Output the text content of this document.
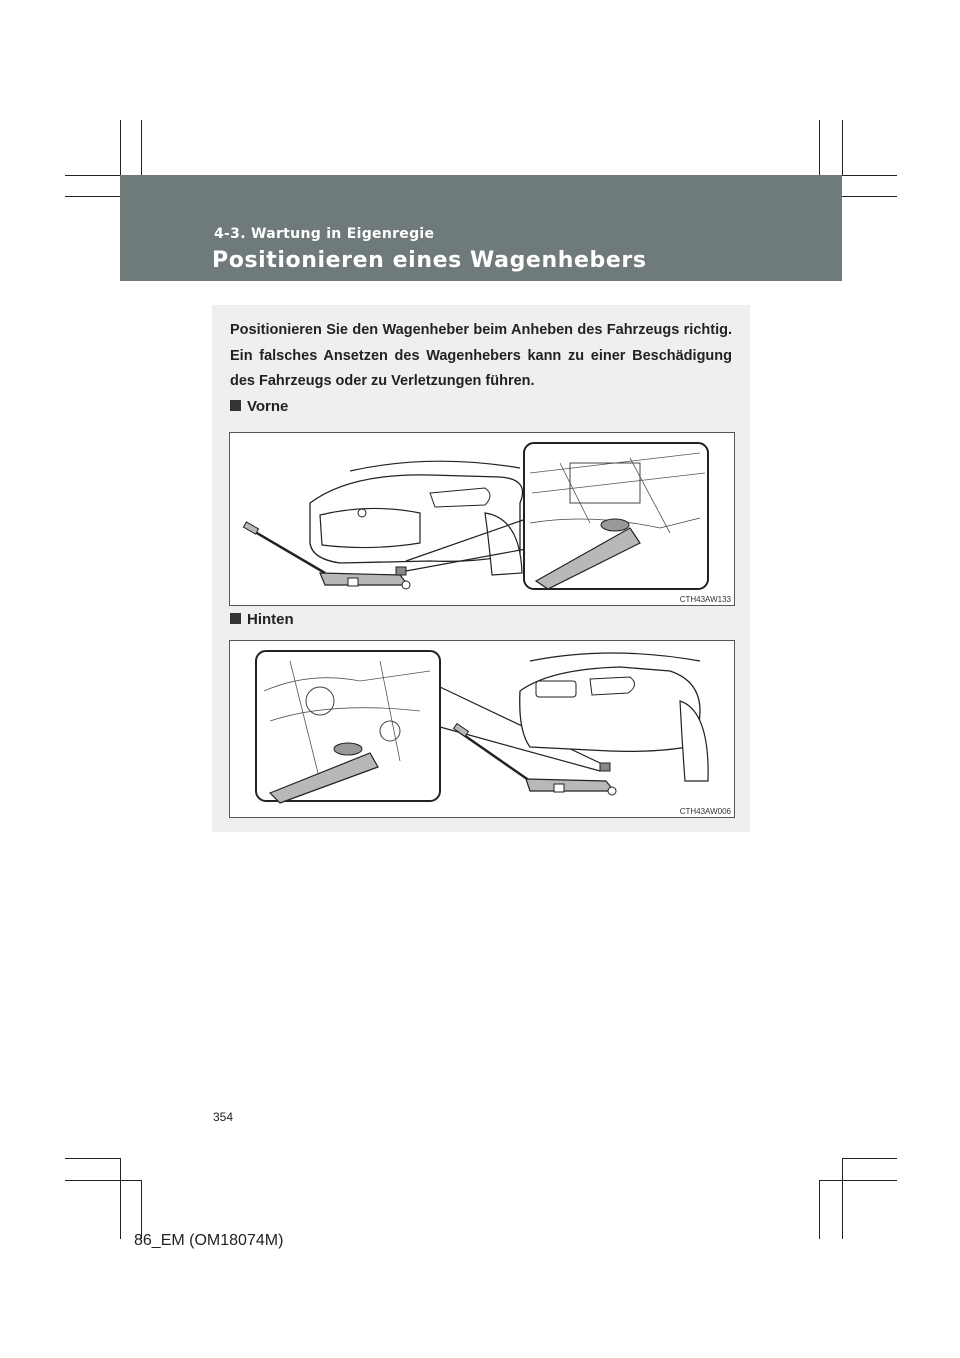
4-3. Wartung in Eigenregie
Positionieren eines Wagenhebers
Positionieren Sie den Wagenheber beim Anheben des Fahrzeugs richtig. Ein falsches Ansetzen des Wagenhebers kann zu einer Beschädigung des Fahrzeugs oder zu Verletzungen führen.
Vorne
CTH43AW133
Hinten
CTH43AW006
354
86_EM (OM18074M)
